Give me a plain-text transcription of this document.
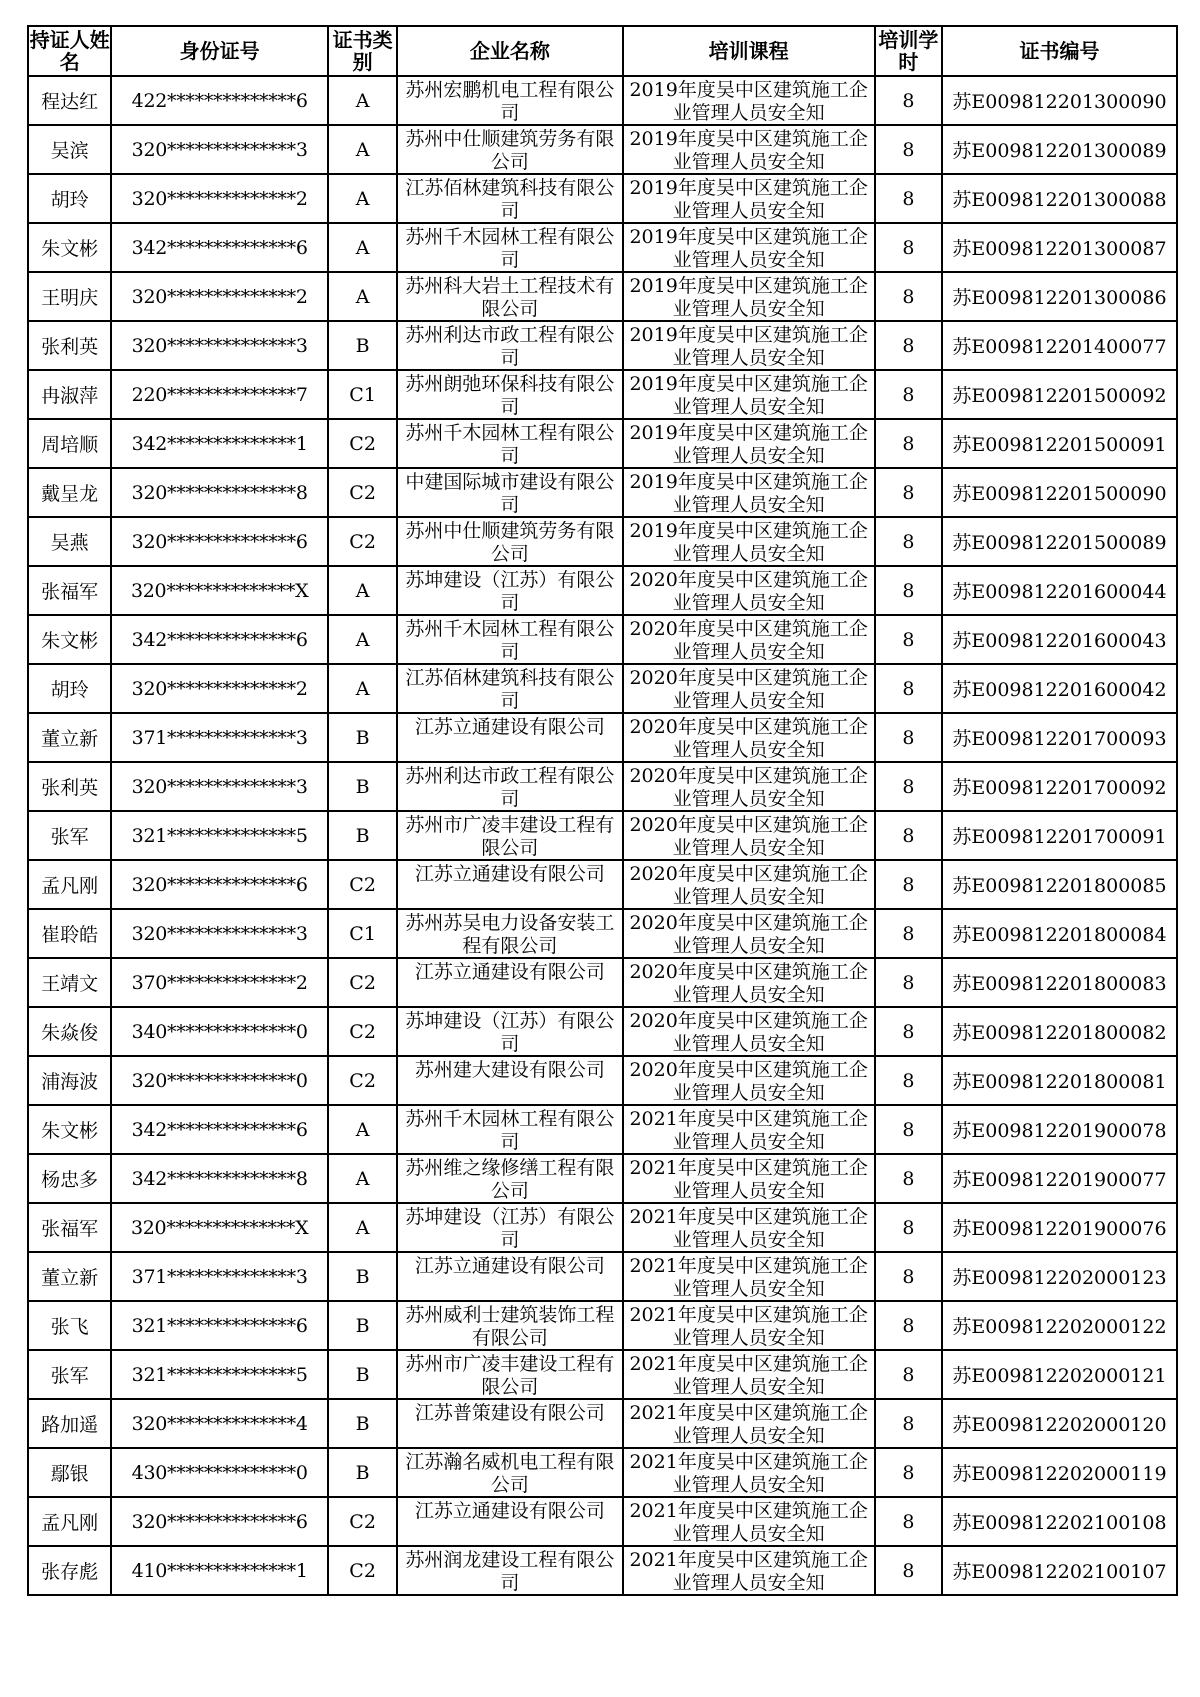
持证人姓名	身份证号	证书类别	企业名称	培训课程	培训学时	证书编号
程达红	422**************6	A	苏州宏鹏机电工程有限公司	2019年度吴中区建筑施工企业管理人员安全知	8	苏E009812201300090
吴滨	320**************3	A	苏州中仕顺建筑劳务有限公司	2019年度吴中区建筑施工企业管理人员安全知	8	苏E009812201300089
胡玲	320**************2	A	江苏佰林建筑科技有限公司	2019年度吴中区建筑施工企业管理人员安全知	8	苏E009812201300088
朱文彬	342**************6	A	苏州千木园林工程有限公司	2019年度吴中区建筑施工企业管理人员安全知	8	苏E009812201300087
王明庆	320**************2	A	苏州科大岩土工程技术有限公司	2019年度吴中区建筑施工企业管理人员安全知	8	苏E009812201300086
张利英	320**************3	B	苏州利达市政工程有限公司	2019年度吴中区建筑施工企业管理人员安全知	8	苏E009812201400077
冉淑萍	220**************7	C1	苏州朗弛环保科技有限公司	2019年度吴中区建筑施工企业管理人员安全知	8	苏E009812201500092
周培顺	342**************1	C2	苏州千木园林工程有限公司	2019年度吴中区建筑施工企业管理人员安全知	8	苏E009812201500091
戴呈龙	320**************8	C2	中建国际城市建设有限公司	2019年度吴中区建筑施工企业管理人员安全知	8	苏E009812201500090
吴燕	320**************6	C2	苏州中仕顺建筑劳务有限公司	2019年度吴中区建筑施工企业管理人员安全知	8	苏E009812201500089
张福军	320**************X	A	苏坤建设（江苏）有限公司	2020年度吴中区建筑施工企业管理人员安全知	8	苏E009812201600044
朱文彬	342**************6	A	苏州千木园林工程有限公司	2020年度吴中区建筑施工企业管理人员安全知	8	苏E009812201600043
胡玲	320**************2	A	江苏佰林建筑科技有限公司	2020年度吴中区建筑施工企业管理人员安全知	8	苏E009812201600042
董立新	371**************3	B	江苏立通建设有限公司	2020年度吴中区建筑施工企业管理人员安全知	8	苏E009812201700093
张利英	320**************3	B	苏州利达市政工程有限公司	2020年度吴中区建筑施工企业管理人员安全知	8	苏E009812201700092
张军	321**************5	B	苏州市广凌丰建设工程有限公司	2020年度吴中区建筑施工企业管理人员安全知	8	苏E009812201700091
孟凡刚	320**************6	C2	江苏立通建设有限公司	2020年度吴中区建筑施工企业管理人员安全知	8	苏E009812201800085
崔聆皓	320**************3	C1	苏州苏吴电力设备安装工程有限公司	2020年度吴中区建筑施工企业管理人员安全知	8	苏E009812201800084
王靖文	370**************2	C2	江苏立通建设有限公司	2020年度吴中区建筑施工企业管理人员安全知	8	苏E009812201800083
朱焱俊	340**************0	C2	苏坤建设（江苏）有限公司	2020年度吴中区建筑施工企业管理人员安全知	8	苏E009812201800082
浦海波	320**************0	C2	苏州建大建设有限公司	2020年度吴中区建筑施工企业管理人员安全知	8	苏E009812201800081
朱文彬	342**************6	A	苏州千木园林工程有限公司	2021年度吴中区建筑施工企业管理人员安全知	8	苏E009812201900078
杨忠多	342**************8	A	苏州维之缘修缮工程有限公司	2021年度吴中区建筑施工企业管理人员安全知	8	苏E009812201900077
张福军	320**************X	A	苏坤建设（江苏）有限公司	2021年度吴中区建筑施工企业管理人员安全知	8	苏E009812201900076
董立新	371**************3	B	江苏立通建设有限公司	2021年度吴中区建筑施工企业管理人员安全知	8	苏E009812202000123
张飞	321**************6	B	苏州威利士建筑装饰工程有限公司	2021年度吴中区建筑施工企业管理人员安全知	8	苏E009812202000122
张军	321**************5	B	苏州市广凌丰建设工程有限公司	2021年度吴中区建筑施工企业管理人员安全知	8	苏E009812202000121
路加遥	320**************4	B	江苏普策建设有限公司	2021年度吴中区建筑施工企业管理人员安全知	8	苏E009812202000120
鄢银	430**************0	B	江苏瀚名威机电工程有限公司	2021年度吴中区建筑施工企业管理人员安全知	8	苏E009812202000119
孟凡刚	320**************6	C2	江苏立通建设有限公司	2021年度吴中区建筑施工企业管理人员安全知	8	苏E009812202100108
张存彪	410**************1	C2	苏州润龙建设工程有限公司	2021年度吴中区建筑施工企业管理人员安全知	8	苏E009812202100107
